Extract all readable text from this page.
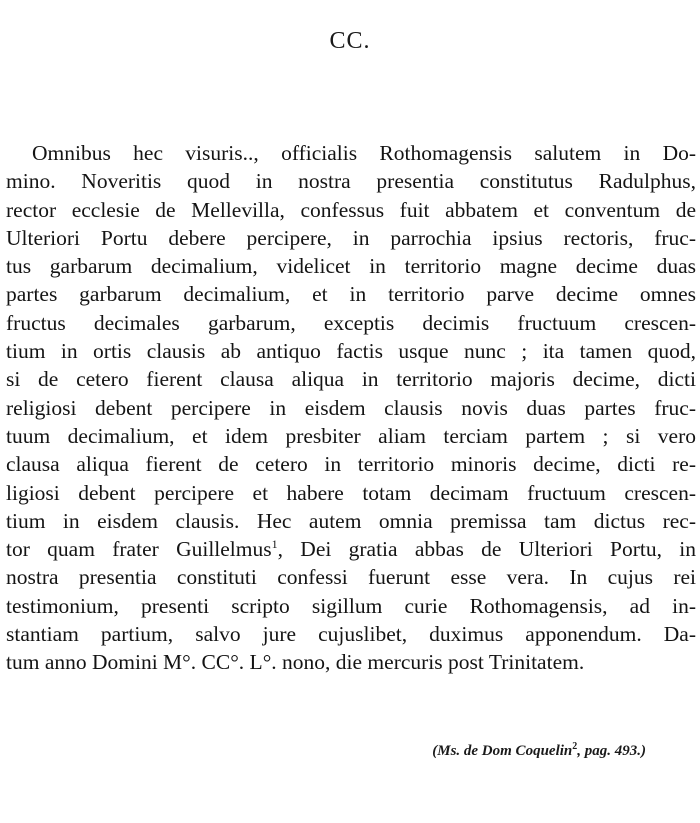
CC.
Omnibus hec visuris.., officialis Rothomagensis salutem in Do-
mino. Noveritis quod in nostra presentia constitutus Radulphus,
rector ecclesie de Mellevilla, confessus fuit abbatem et conventum de
Ulteriori Portu debere percipere, in parrochia ipsius rectoris, fruc-
tus garbarum decimalium, videlicet in territorio magne decime duas
partes garbarum decimalium, et in territorio parve decime omnes
fructus decimales garbarum, exceptis decimis fructuum crescen-
tium in ortis clausis ab antiquo factis usque nunc ; ita tamen quod,
si de cetero fierent clausa aliqua in territorio majoris decime, dicti
religiosi debent percipere in eisdem clausis novis duas partes fruc-
tuum decimalium, et idem presbiter aliam terciam partem ; si vero
clausa aliqua fierent de cetero in territorio minoris decime, dicti re-
ligiosi debent percipere et habere totam decimam fructuum crescen-
tium in eisdem clausis. Hec autem omnia premissa tam dictus rec-
tor quam frater Guillelmus$^1$, Dei gratia abbas de Ulteriori Portu, in
nostra presentia constituti confessi fuerunt esse vera. In cujus rei
testimonium, presenti scripto sigillum curie Rothomagensis, ad in-
stantiam partium, salvo jure cujuslibet, duximus apponendum. Da-
tum anno Domini M°. CC°. L°. nono, die mercuris post Trinitatem.
(Ms. de Dom Coquelin$^2$, pag. 493.)
